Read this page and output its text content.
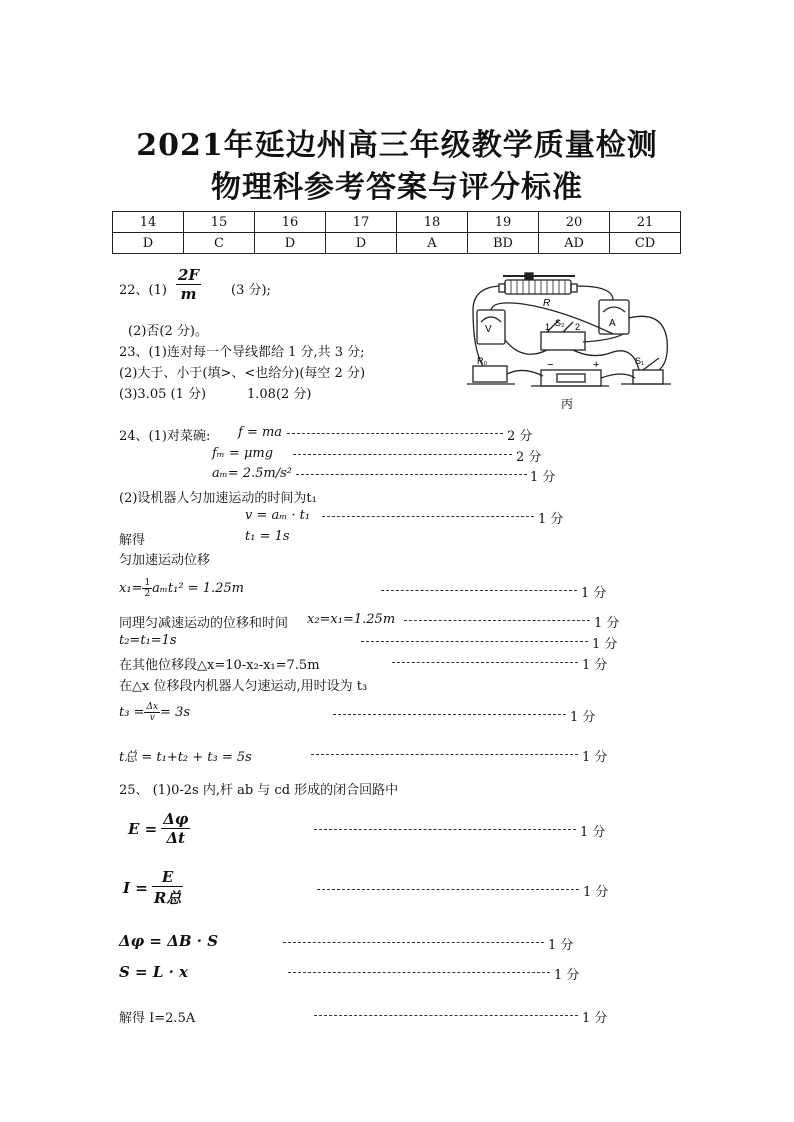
2021年延边州高三年级教学质量检测
物理科参考答案与评分标准
14	15	16	17	18	19	20	21
D	C	D	D	A	BD	AD	CD
22、$(1) \frac{2F}{m} (3$ 分);
(2)否(2 分)。
23、(1)连对每一个导线都给 1 分,共 3 分;
(2)大于、小于(填>、<也给分)(每空 2 分)
(3)3.05 (1 分)	1.08(2 分)
R
V
A
S₁
R₀
1 S₂ 2
−	+
丙
24、(1)对菜碗: f = ma	2 分
fₘ = μmg	2 分
aₘ= 2.5m/s²	1 分
(2)设机器人匀加速运动的时间为t₁
v = aₘ · t₁	1 分
解得	t₁ = 1s
匀加速运动位移
$x_1= \frac{1}{2} a_mt_1^2 = 1.25m$	1 分
同理匀减速运动的位移和时间 x₂=x₁=1.25m	1 分
t₂=t₁=1s	1 分
在其他位移段△x=10-x₂-x₁=7.5m	1 分
在△x 位移段内机器人匀速运动,用时设为 t₃
$t_3 = \frac{\Delta x}{v} = 3s$	1 分
t总 = t₁+t₂ + t₃ = 5s	1 分
25、 (1)0-2s 内,杆 ab 与 cd 形成的闭合回路中
$E = \frac{\Delta\varphi}{\Delta t}$	1 分
$I = \frac{E}{\text{R总}}$	1 分
Δφ = ΔB · S	1 分
S = L · x	1 分
解得 I=2.5A	1 分
